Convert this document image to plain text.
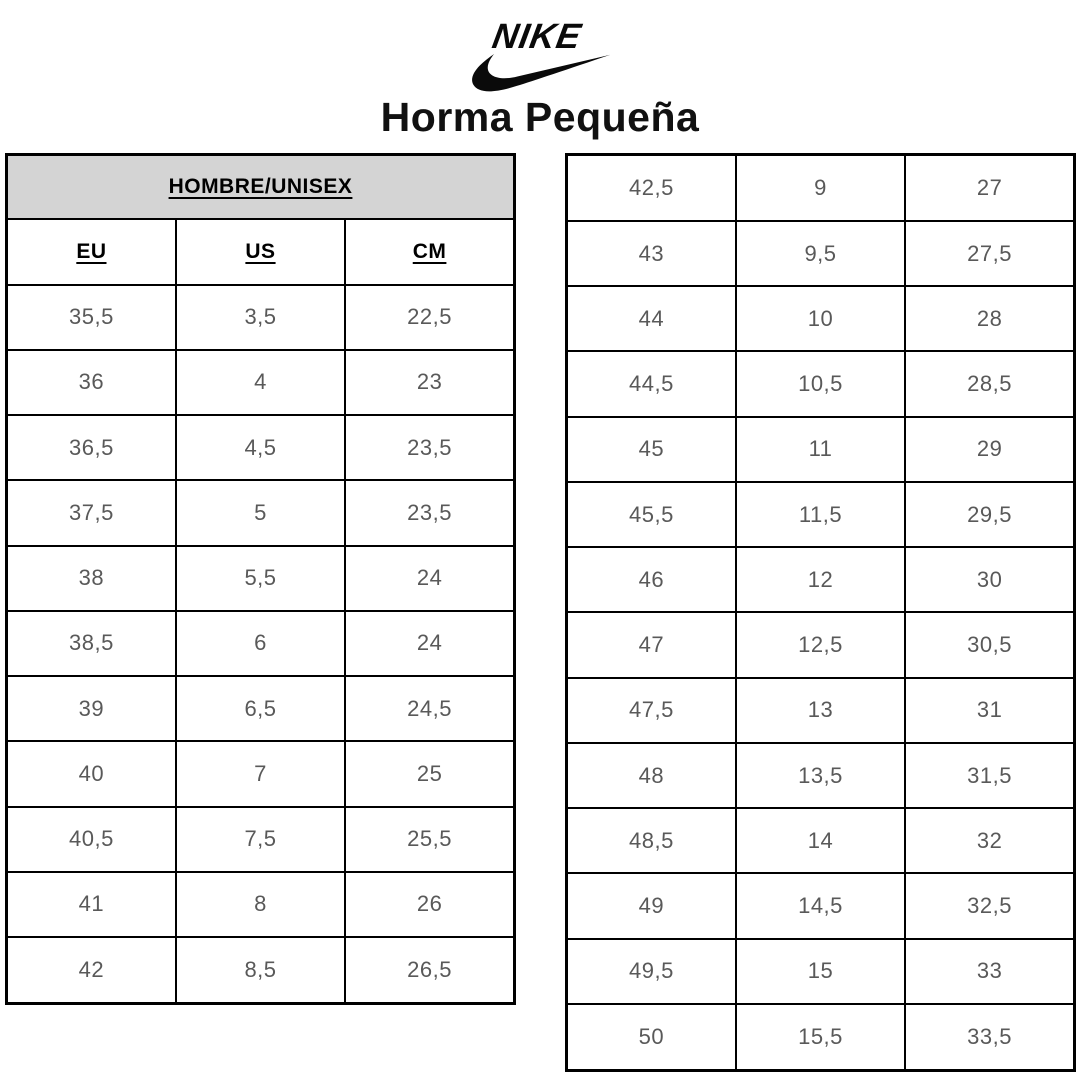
NIKE
Horma Pequeña
HOMBRE/UNISEX		
EU	US	CM
35,5	3,5	22,5
36	4	23
36,5	4,5	23,5
37,5	5	23,5
38	5,5	24
38,5	6	24
39	6,5	24,5
40	7	25
40,5	7,5	25,5
41	8	26
42	8,5	26,5
42,5	9	27
43	9,5	27,5
44	10	28
44,5	10,5	28,5
45	11	29
45,5	11,5	29,5
46	12	30
47	12,5	30,5
47,5	13	31
48	13,5	31,5
48,5	14	32
49	14,5	32,5
49,5	15	33
50	15,5	33,5
